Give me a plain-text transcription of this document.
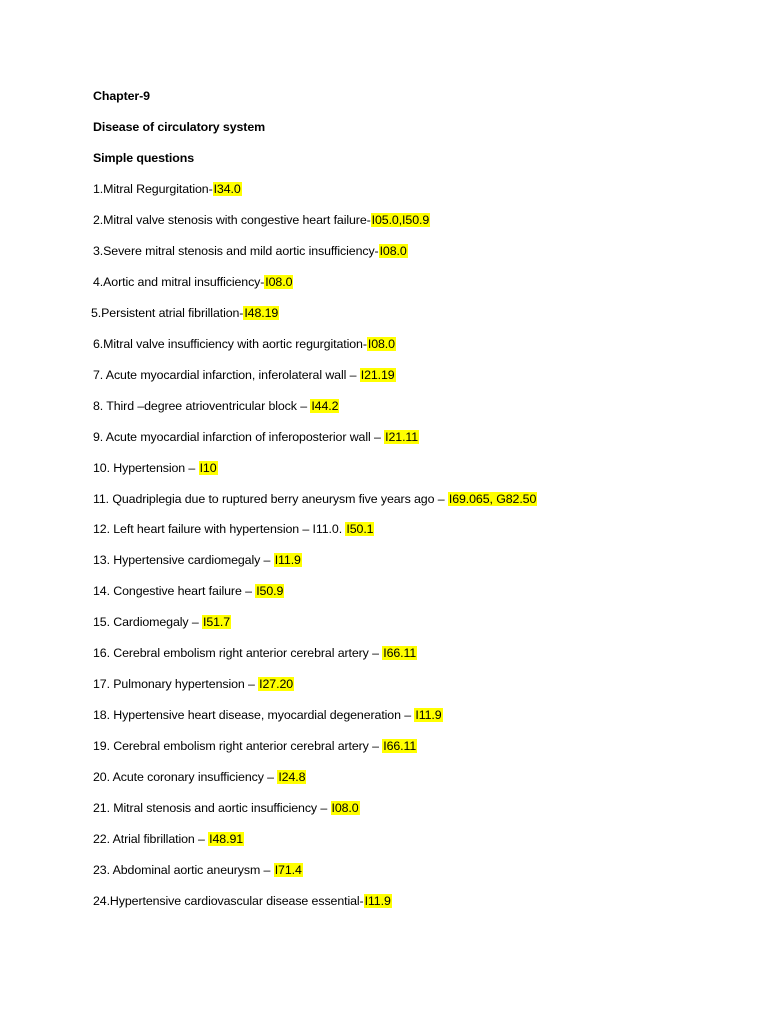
Chapter-9
Disease of circulatory system
Simple questions
1.Mitral Regurgitation-I34.0
2.Mitral valve stenosis with congestive heart failure-I05.0,I50.9
3.Severe mitral stenosis and mild aortic insufficiency-I08.0
4.Aortic and mitral insufficiency-I08.0
5.Persistent atrial fibrillation-I48.19
6.Mitral valve insufficiency with aortic regurgitation-I08.0
7. Acute myocardial infarction, inferolateral wall – I21.19
8. Third –degree atrioventricular block – I44.2
9. Acute myocardial infarction of inferoposterior wall – I21.11
10. Hypertension – I10
11. Quadriplegia due to ruptured berry aneurysm five years ago – I69.065, G82.50
12. Left heart failure with hypertension – I11.0. I50.1
13. Hypertensive cardiomegaly – I11.9
14. Congestive heart failure – I50.9
15. Cardiomegaly – I51.7
16. Cerebral embolism right anterior cerebral artery – I66.11
17. Pulmonary hypertension – I27.20
18. Hypertensive heart disease, myocardial degeneration – I11.9
19. Cerebral embolism right anterior cerebral artery – I66.11
20. Acute coronary insufficiency – I24.8
21. Mitral stenosis and aortic insufficiency – I08.0
22. Atrial fibrillation – I48.91
23. Abdominal aortic aneurysm – I71.4
24.Hypertensive cardiovascular disease essential-I11.9
